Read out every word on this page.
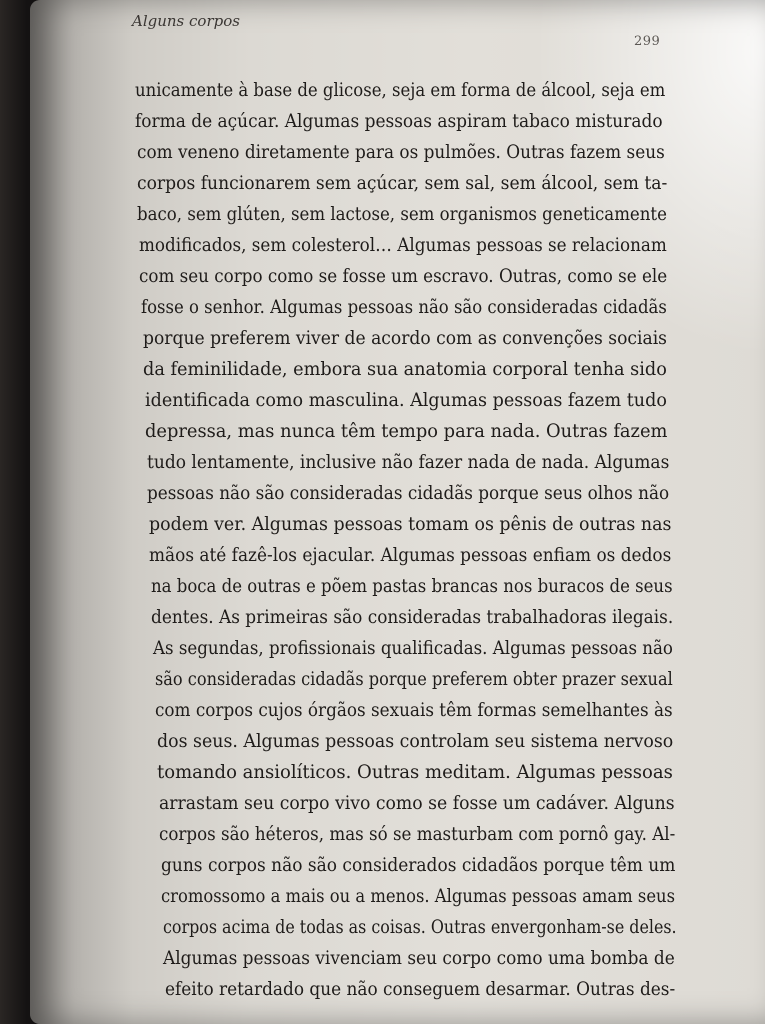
Alguns corpos
299
unicamente à base de glicose, seja em forma de álcool, seja em
forma de açúcar. Algumas pessoas aspiram tabaco misturado
com veneno diretamente para os pulmões. Outras fazem seus
corpos funcionarem sem açúcar, sem sal, sem álcool, sem ta-
baco, sem glúten, sem lactose, sem organismos geneticamente
modificados, sem colesterol… Algumas pessoas se relacionam
com seu corpo como se fosse um escravo. Outras, como se ele
fosse o senhor. Algumas pessoas não são consideradas cidadãs
porque preferem viver de acordo com as convenções sociais
da feminilidade, embora sua anatomia corporal tenha sido
identificada como masculina. Algumas pessoas fazem tudo
depressa, mas nunca têm tempo para nada. Outras fazem
tudo lentamente, inclusive não fazer nada de nada. Algumas
pessoas não são consideradas cidadãs porque seus olhos não
podem ver. Algumas pessoas tomam os pênis de outras nas
mãos até fazê-los ejacular. Algumas pessoas enfiam os dedos
na boca de outras e põem pastas brancas nos buracos de seus
dentes. As primeiras são consideradas trabalhadoras ilegais.
As segundas, profissionais qualificadas. Algumas pessoas não
são consideradas cidadãs porque preferem obter prazer sexual
com corpos cujos órgãos sexuais têm formas semelhantes às
dos seus. Algumas pessoas controlam seu sistema nervoso
tomando ansiolíticos. Outras meditam. Algumas pessoas
arrastam seu corpo vivo como se fosse um cadáver. Alguns
corpos são héteros, mas só se masturbam com pornô gay. Al-
guns corpos não são considerados cidadãos porque têm um
cromossomo a mais ou a menos. Algumas pessoas amam seus
corpos acima de todas as coisas. Outras envergonham-se deles.
Algumas pessoas vivenciam seu corpo como uma bomba de
efeito retardado que não conseguem desarmar. Outras des-
